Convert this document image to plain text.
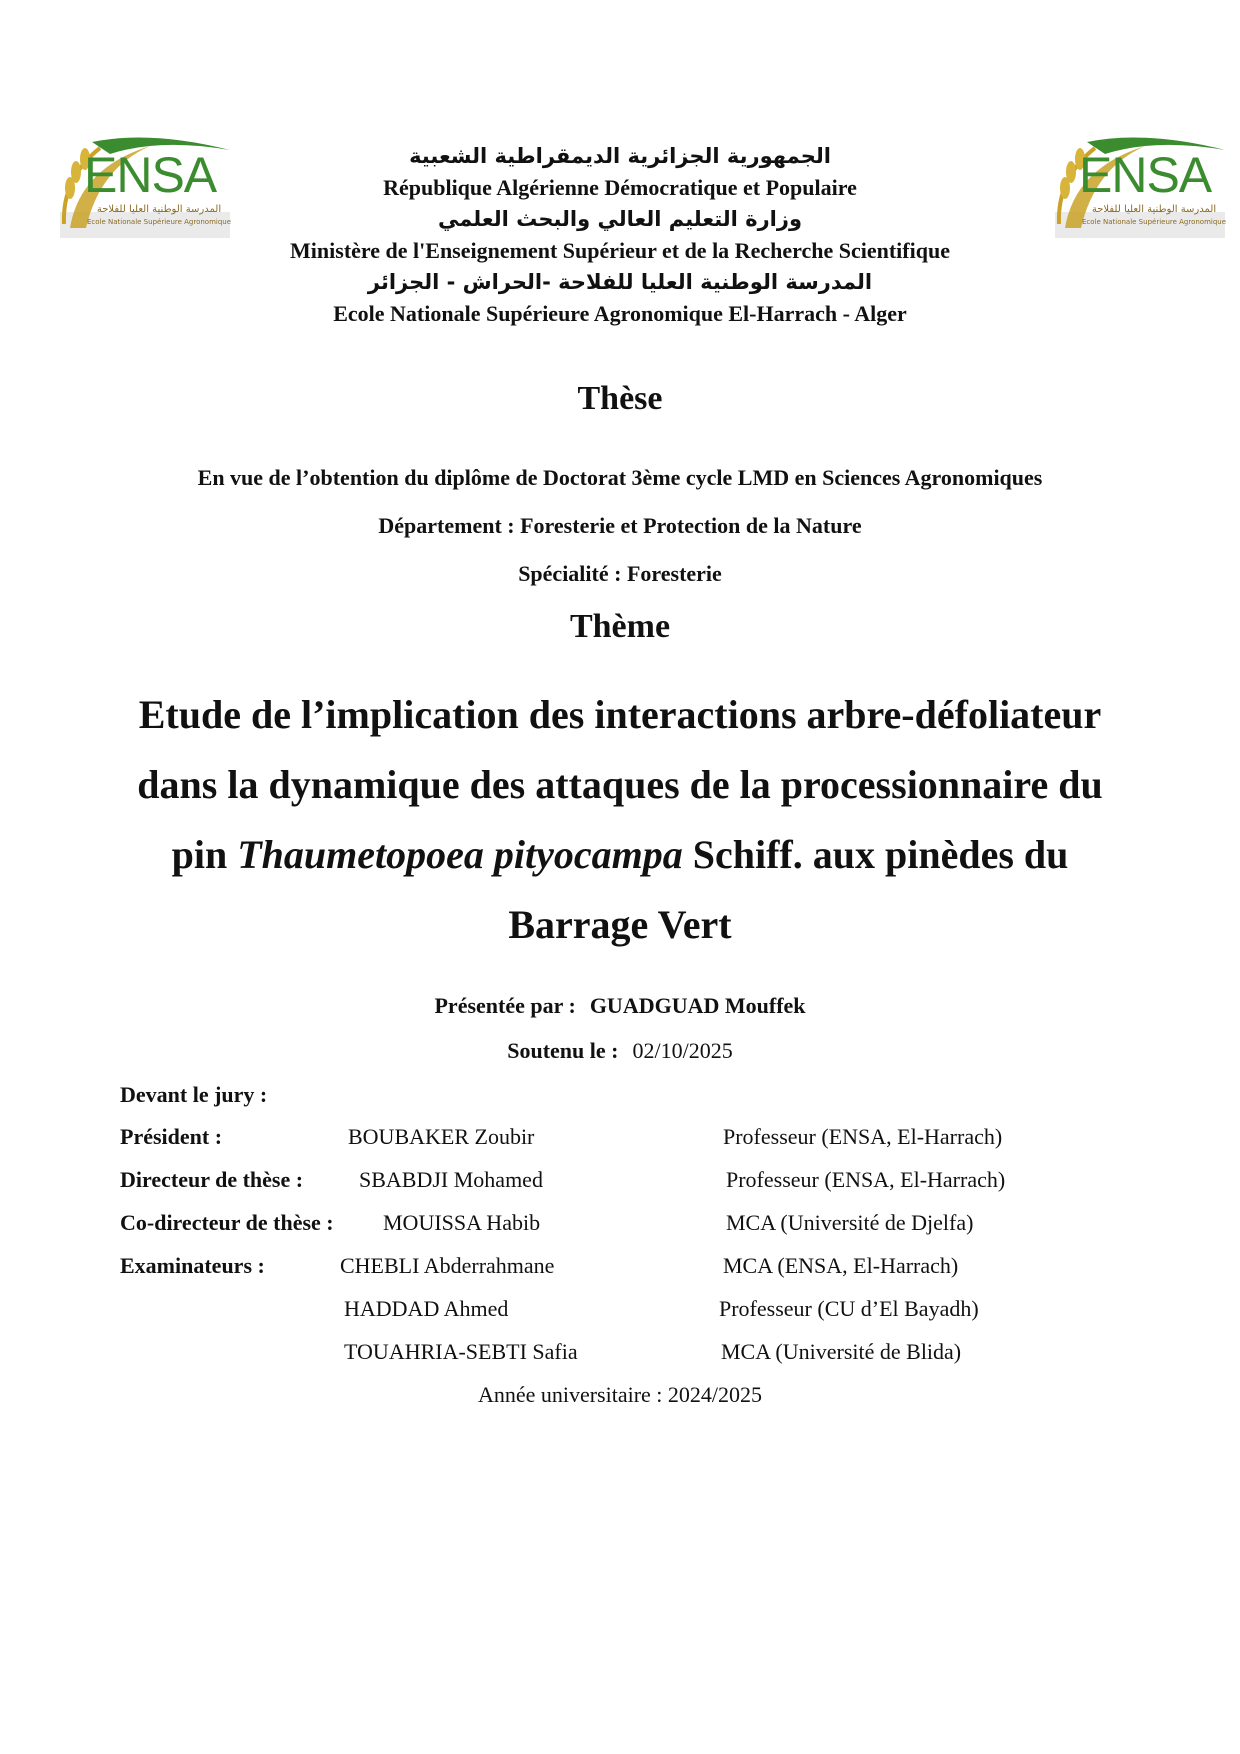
ENSA
المدرسة الوطنية العليا للفلاحة
Ecole Nationale Supérieure Agronomique
ENSA
المدرسة الوطنية العليا للفلاحة
Ecole Nationale Supérieure Agronomique
الجمهورية الجزائرية الديمقراطية الشعبية
République Algérienne Démocratique et Populaire
وزارة التعليم العالي والبحث العلمي
Ministère de l'Enseignement Supérieur et de la Recherche Scientifique
المدرسة الوطنية العليا للفلاحة -الحراش - الجزائر
Ecole Nationale Supérieure Agronomique El-Harrach - Alger
Thèse
En vue de l’obtention du diplôme de Doctorat 3ème cycle LMD en Sciences Agronomiques
Département : Foresterie et Protection de la Nature
Spécialité : Foresterie
Thème
Etude de l’implication des interactions arbre-défoliateur dans la dynamique des attaques de la processionnaire du pin Thaumetopoea pityocampa Schiff. aux pinèdes du Barrage Vert
Présentée par : GUADGUAD Mouffek
Soutenu le : 02/10/2025
Devant le jury :
Président :	BOUBAKER Zoubir	Professeur (ENSA, El-Harrach)
Directeur de thèse :	SBABDJI Mohamed	Professeur (ENSA, El-Harrach)
Co-directeur de thèse : MOUISSA Habib	MCA (Université de Djelfa)
Examinateurs :	CHEBLI Abderrahmane	MCA (ENSA, El-Harrach)
HADDAD Ahmed	Professeur (CU d’El Bayadh)
TOUAHRIA-SEBTI Safia	MCA (Université de Blida)
Année universitaire : 2024/2025
